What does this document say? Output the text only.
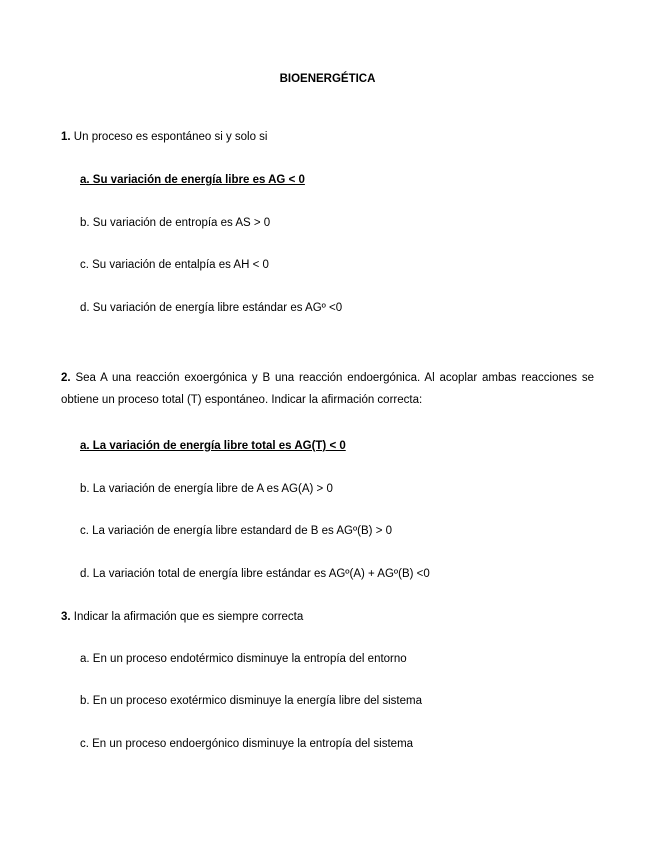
BIOENERGÉTICA
1. Un proceso es espontáneo si y solo si
a. Su variación de energía libre es AG < 0
b. Su variación de entropía es AS > 0
c. Su variación de entalpía es AH < 0
d. Su variación de energía libre estándar es AGº <0
2. Sea A una reacción exoergónica y B una reacción endoergónica. Al acoplar ambas reacciones se obtiene un proceso total (T) espontáneo. Indicar la afirmación correcta:
a. La variación de energía libre total es AG(T) < 0
b. La variación de energía libre de A es AG(A) > 0
c. La variación de energía libre estandard de B es AGº(B) > 0
d. La variación total de energía libre estándar es AGº(A) + AGº(B) <0
3. Indicar la afirmación que es siempre correcta
a. En un proceso endotérmico disminuye la entropía del entorno
b. En un proceso exotérmico disminuye la energía libre del sistema
c. En un proceso endoergónico disminuye la entropía del sistema
